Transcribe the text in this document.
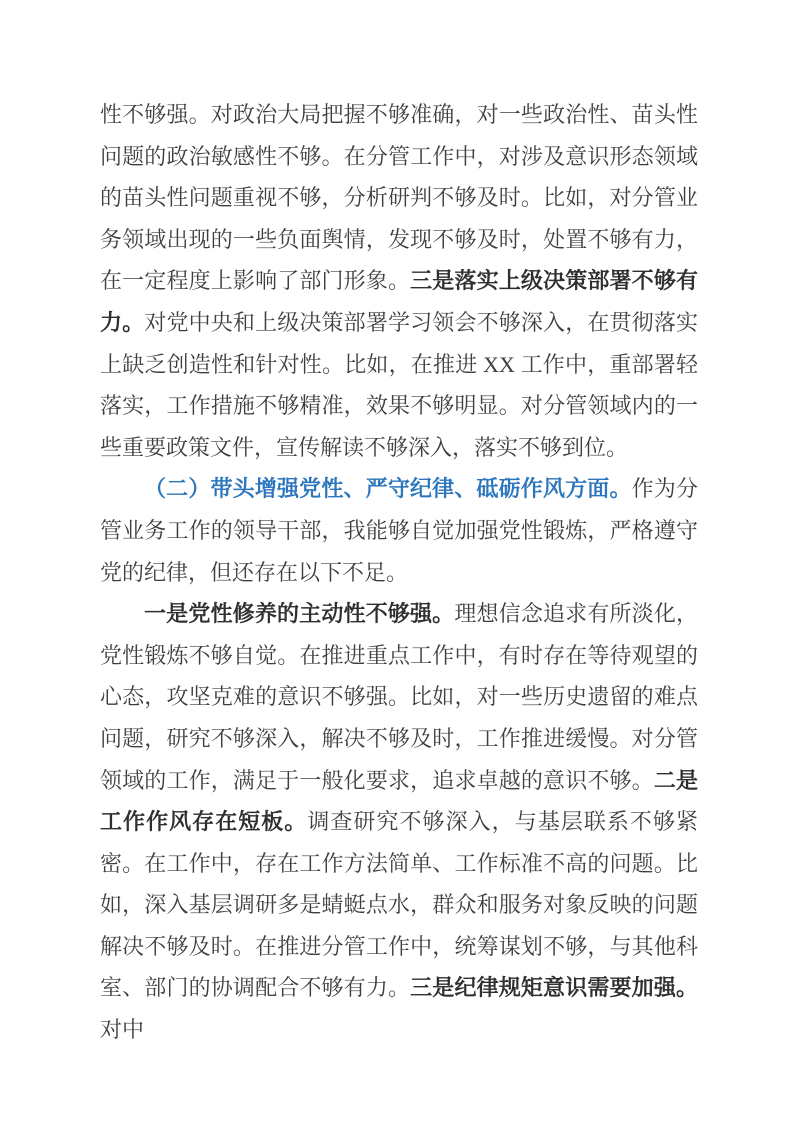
性不够强。对政治大局把握不够准确，对一些政治性、苗头性问题的政治敏感性不够。在分管工作中，对涉及意识形态领域的苗头性问题重视不够，分析研判不够及时。比如，对分管业务领域出现的一些负面舆情，发现不够及时，处置不够有力，在一定程度上影响了部门形象。三是落实上级决策部署不够有力。对党中央和上级决策部署学习领会不够深入，在贯彻落实上缺乏创造性和针对性。比如，在推进 XX 工作中，重部署轻落实，工作措施不够精准，效果不够明显。对分管领域内的一些重要政策文件，宣传解读不够深入，落实不够到位。

（二）带头增强党性、严守纪律、砥砺作风方面。作为分管业务工作的领导干部，我能够自觉加强党性锻炼，严格遵守党的纪律，但还存在以下不足。

一是党性修养的主动性不够强。理想信念追求有所淡化，党性锻炼不够自觉。在推进重点工作中，有时存在等待观望的心态，攻坚克难的意识不够强。比如，对一些历史遗留的难点问题，研究不够深入，解决不够及时，工作推进缓慢。对分管领域的工作，满足于一般化要求，追求卓越的意识不够。二是工作作风存在短板。调查研究不够深入，与基层联系不够紧密。在工作中，存在工作方法简单、工作标准不高的问题。比如，深入基层调研多是蜻蜓点水，群众和服务对象反映的问题解决不够及时。在推进分管工作中，统筹谋划不够，与其他科室、部门的协调配合不够有力。三是纪律规矩意识需要加强。对中
